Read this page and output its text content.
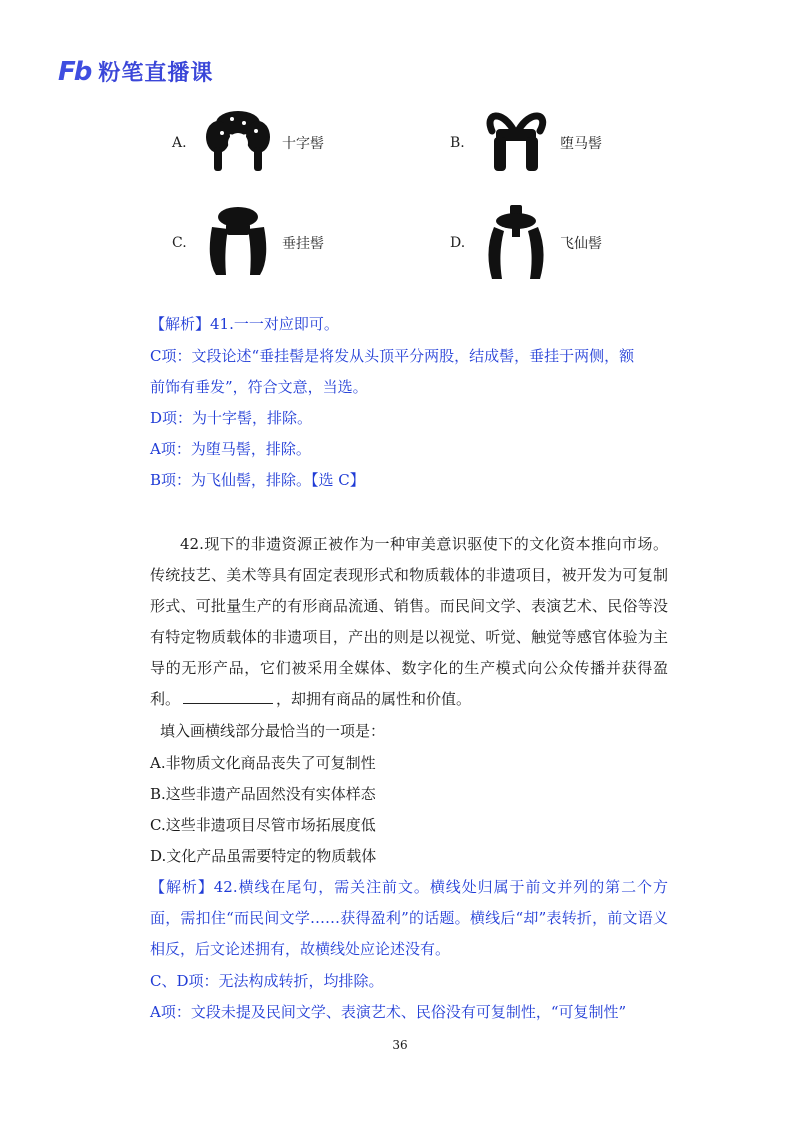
Fb 粉笔直播课
A.	十字髻	B.	堕马髻
C.	垂挂髻	D.	飞仙髻
【解析】41.一一对应即可。
C项：文段论述“垂挂髻是将发从头顶平分两股，结成髻，垂挂于两侧，额
前饰有垂发”，符合文意，当选。
D项：为十字髻，排除。
A项：为堕马髻，排除。
B项：为飞仙髻，排除。【选 C】
42.现下的非遗资源正被作为一种审美意识驱使下的文化资本推向市场。传统技艺、美术等具有固定表现形式和物质载体的非遗项目，被开发为可复制形式、可批量生产的有形商品流通、销售。而民间文学、表演艺术、民俗等没有特定物质载体的非遗项目，产出的则是以视觉、听觉、触觉等感官体验为主导的无形产品，它们被采用全媒体、数字化的生产模式向公众传播并获得盈利。	，却拥有商品的属性和价值。
填入画横线部分最恰当的一项是：
A.非物质文化商品丧失了可复制性
B.这些非遗产品固然没有实体样态
C.这些非遗项目尽管市场拓展度低
D.文化产品虽需要特定的物质载体
【解析】42.横线在尾句，需关注前文。横线处归属于前文并列的第二个方面，需扣住“而民间文学……获得盈利”的话题。横线后“却”表转折，前文语义相反，后文论述拥有，故横线处应论述没有。
C、D项：无法构成转折，均排除。
A项：文段未提及民间文学、表演艺术、民俗没有可复制性，“可复制性”
36
